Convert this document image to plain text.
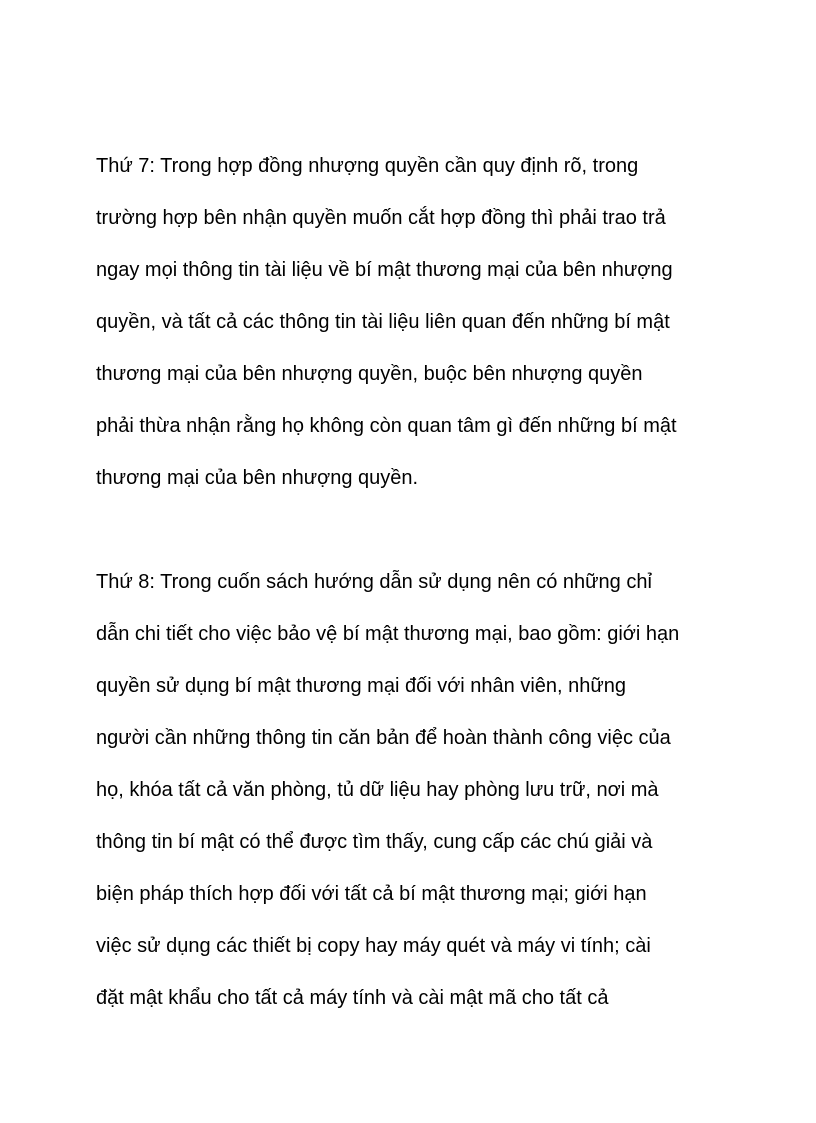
Thứ 7: Trong hợp đồng nhượng quyền cần quy định rõ, trong
trường hợp bên nhận quyền muốn cắt hợp đồng thì phải trao trả
ngay mọi thông tin tài liệu về bí mật thương mại của bên nhượng
quyền, và tất cả các thông tin tài liệu liên quan đến những bí mật
thương mại của bên nhượng quyền, buộc bên nhượng quyền
phải thừa nhận rằng họ không còn quan tâm gì đến những bí mật
thương mại của bên nhượng quyền.
Thứ 8: Trong cuốn sách hướng dẫn sử dụng nên có những chỉ
dẫn chi tiết cho việc bảo vệ bí mật thương mại, bao gồm: giới hạn
quyền sử dụng bí mật thương mại đối với nhân viên, những
người cần những thông tin căn bản để hoàn thành công việc của
họ, khóa tất cả văn phòng, tủ dữ liệu hay phòng lưu trữ, nơi mà
thông tin bí mật có thể được tìm thấy, cung cấp các chú giải và
biện pháp thích hợp đối với tất cả bí mật thương mại; giới hạn
việc sử dụng các thiết bị copy hay máy quét và máy vi tính; cài
đặt mật khẩu cho tất cả máy tính và cài mật mã cho tất cả
